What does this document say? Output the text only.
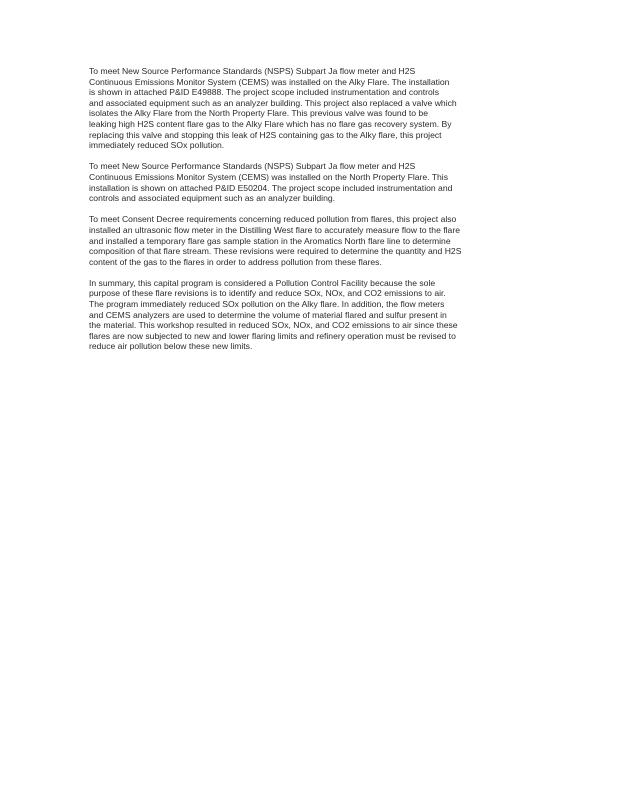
To meet New Source Performance Standards (NSPS) Subpart Ja flow meter and H2S
Continuous Emissions Monitor System (CEMS) was installed on the Alky Flare. The installation
is shown in attached P&ID E49888. The project scope included instrumentation and controls
and associated equipment such as an analyzer building. This project also replaced a valve which
isolates the Alky Flare from the North Property Flare. This previous valve was found to be
leaking high H2S content flare gas to the Alky Flare which has no flare gas recovery system. By
replacing this valve and stopping this leak of H2S containing gas to the Alky flare, this project
immediately reduced SOx pollution.

To meet New Source Performance Standards (NSPS) Subpart Ja flow meter and H2S
Continuous Emissions Monitor System (CEMS) was installed on the North Property Flare. This
installation is shown on attached P&ID E50204. The project scope included instrumentation and
controls and associated equipment such as an analyzer building.

To meet Consent Decree requirements concerning reduced pollution from flares, this project also
installed an ultrasonic flow meter in the Distilling West flare to accurately measure flow to the flare
and installed a temporary flare gas sample station in the Aromatics North flare line to determine
composition of that flare stream. These revisions were required to determine the quantity and H2S
content of the gas to the flares in order to address pollution from these flares.

In summary, this capital program is considered a Pollution Control Facility because the sole
purpose of these flare revisions is to identify and reduce SOx, NOx, and CO2 emissions to air.
The program immediately reduced SOx pollution on the Alky flare. In addition, the flow meters
and CEMS analyzers are used to determine the volume of material flared and sulfur present in
the material. This workshop resulted in reduced SOx, NOx, and CO2 emissions to air since these
flares are now subjected to new and lower flaring limits and refinery operation must be revised to
reduce air pollution below these new limits.
